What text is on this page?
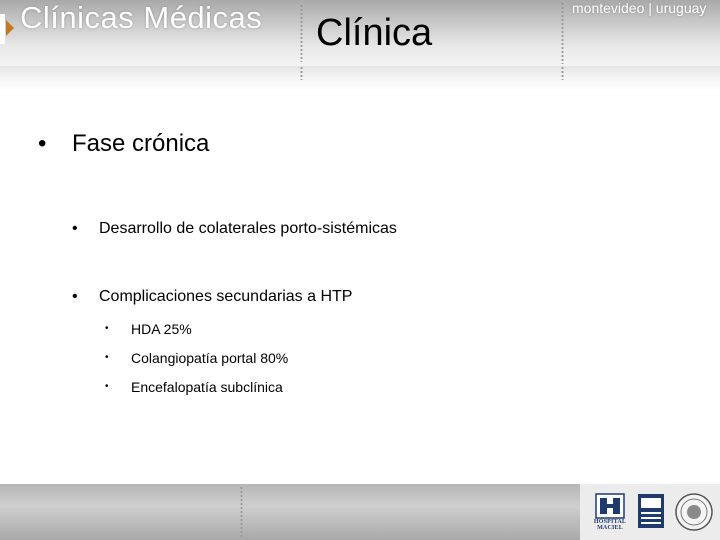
Clínicas Médicas Clínica
montevideo | uruguay
• Fase crónica
• Desarrollo de colaterales porto-sistémicas
• Complicaciones secundarias a HTP
• HDA 25%
• Colangiopatía portal 80%
• Encefalopatía subclínica
HOSPITAL MACIEL
